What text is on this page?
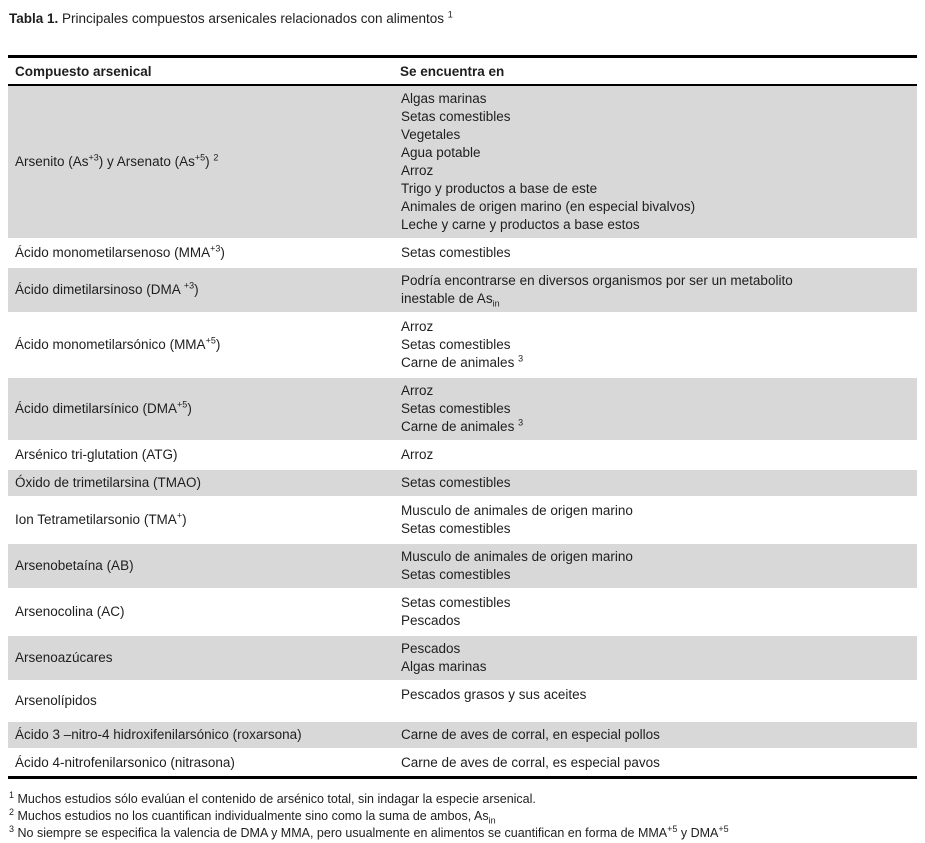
Tabla 1. Principales compuestos arsenicales relacionados con alimentos $^1$

Compuesto arsenical	Se encuentra en
Arsenito $(As^{+3})$ y Arsenato $(As^{+5})$ $^2$	Algas marinas
Setas comestibles
Vegetales
Agua potable
Arroz
Trigo y productos a base de este
Animales de origen marino (en especial bivalvos)
Leche y carne y productos a base estos
Ácido monometilarsenoso $(MMA^{+3})$	Setas comestibles
Ácido dimetilarsinoso (DMA $^{+3}$)	Podría encontrarse en diversos organismos por ser un metabolito
inestable de $As_{in}$
Ácido monometilarsónico $(MMA^{+5})$	Arroz
Setas comestibles
Carne de animales $^3$
Ácido dimetilarsínico $(DMA^{+5})$	Arroz
Setas comestibles
Carne de animales $^3$
Arsénico tri-glutation (ATG)	Arroz
Óxido de trimetilarsina (TMAO)	Setas comestibles
Ion Tetrametilarsonio (TMA+)	Musculo de animales de origen marino
Setas comestibles
Arsenobetaína (AB)	Musculo de animales de origen marino
Setas comestibles
Arsenocolina (AC)	Setas comestibles
Pescados
Arsenoazúcares	Pescados
Algas marinas
Arsenolípidos	Pescados grasos y sus aceites
Ácido 3 –nitro-4 hidroxifenilarsónico (roxarsona)	Carne de aves de corral, en especial pollos
Ácido 4-nitrofenilarsonico (nitrasona)	Carne de aves de corral, es especial pavos

$^1$ Muchos estudios sólo evalúan el contenido de arsénico total, sin indagar la especie arsenical.

$^2$ Muchos estudios no los cuantifican individualmente sino como la suma de ambos, $As_{in}$

$^3$ No siempre se especifica la valencia de DMA y MMA, pero usualmente en alimentos se cuantifican en forma de $MMA^{+5}$ y $DMA^{+5}$
